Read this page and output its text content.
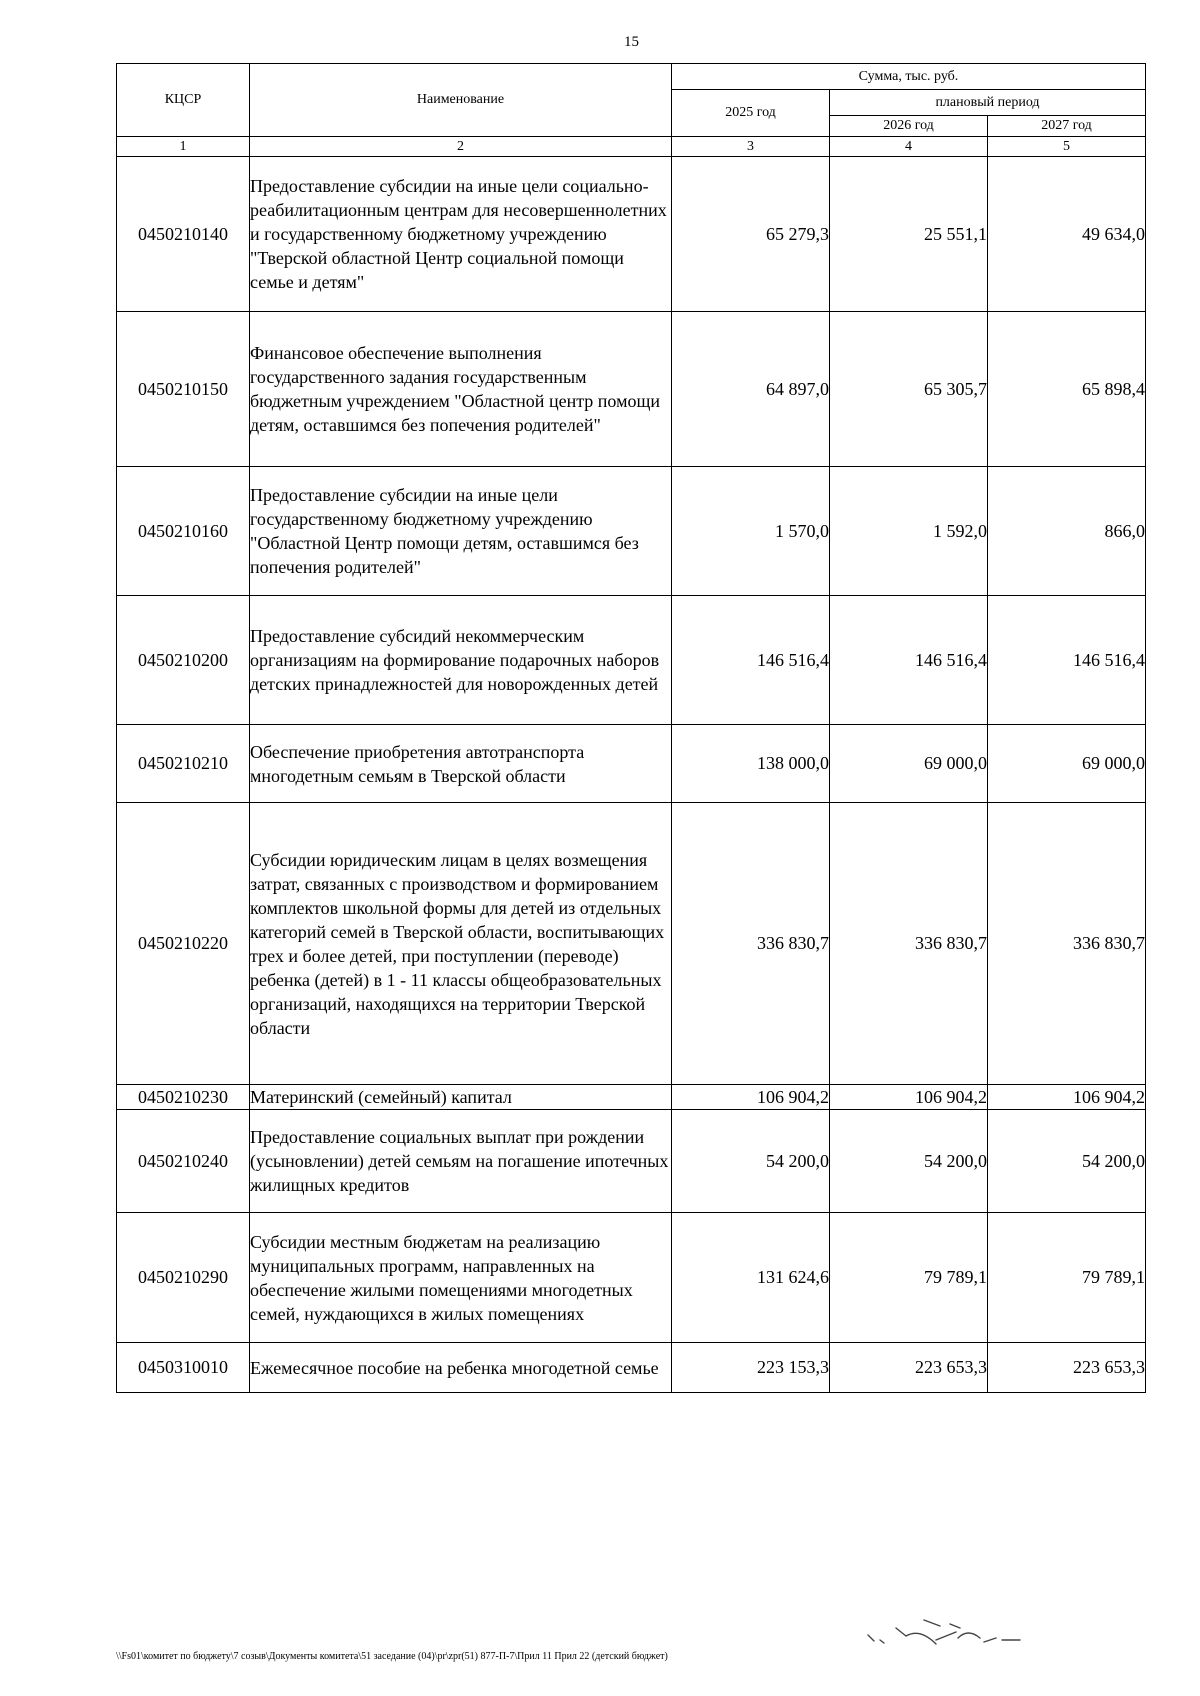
15
КЦСР	Наименование	Сумма, тыс. руб.		
		2025 год	плановый период	
			2026 год	2027 год
1	2	3	4	5
0450210140	Предоставление субсидии на иные цели социально-реабилитационным центрам для несовершеннолетних и государственному бюджетному учреждению "Тверской областной Центр социальной помощи семье и детям"	65 279,3	25 551,1	49 634,0
0450210150	Финансовое обеспечение выполнения государственного задания государственным бюджетным учреждением "Областной центр помощи детям, оставшимся без попечения родителей"	64 897,0	65 305,7	65 898,4
0450210160	Предоставление субсидии на иные цели государственному бюджетному учреждению "Областной Центр помощи детям, оставшимся без попечения родителей"	1 570,0	1 592,0	866,0
0450210200	Предоставление субсидий некоммерческим организациям на формирование подарочных наборов детских принадлежностей для новорожденных детей	146 516,4	146 516,4	146 516,4
0450210210	Обеспечение приобретения автотранспорта многодетным семьям в Тверской области	138 000,0	69 000,0	69 000,0
0450210220	Субсидии юридическим лицам в целях возмещения затрат, связанных с производством и формированием комплектов школьной формы для детей из отдельных категорий семей в Тверской области, воспитывающих трех и более детей, при поступлении (переводе) ребенка (детей) в 1 - 11 классы общеобразовательных организаций, находящихся на территории Тверской области	336 830,7	336 830,7	336 830,7
0450210230	Материнский (семейный) капитал	106 904,2	106 904,2	106 904,2
0450210240	Предоставление социальных выплат при рождении (усыновлении) детей семьям на погашение ипотечных жилищных кредитов	54 200,0	54 200,0	54 200,0
0450210290	Субсидии местным бюджетам на реализацию муниципальных программ, направленных на обеспечение жилыми помещениями многодетных семей, нуждающихся в жилых помещениях	131 624,6	79 789,1	79 789,1
0450310010	Ежемесячное пособие на ребенка многодетной семье	223 153,3	223 653,3	223 653,3
\\Fs01\комитет по бюджету\7 созыв\Документы комитета\51 заседание (04)\pr\zpr(51) 877-П-7\Прил 11 Прил 22 (детский бюджет)
